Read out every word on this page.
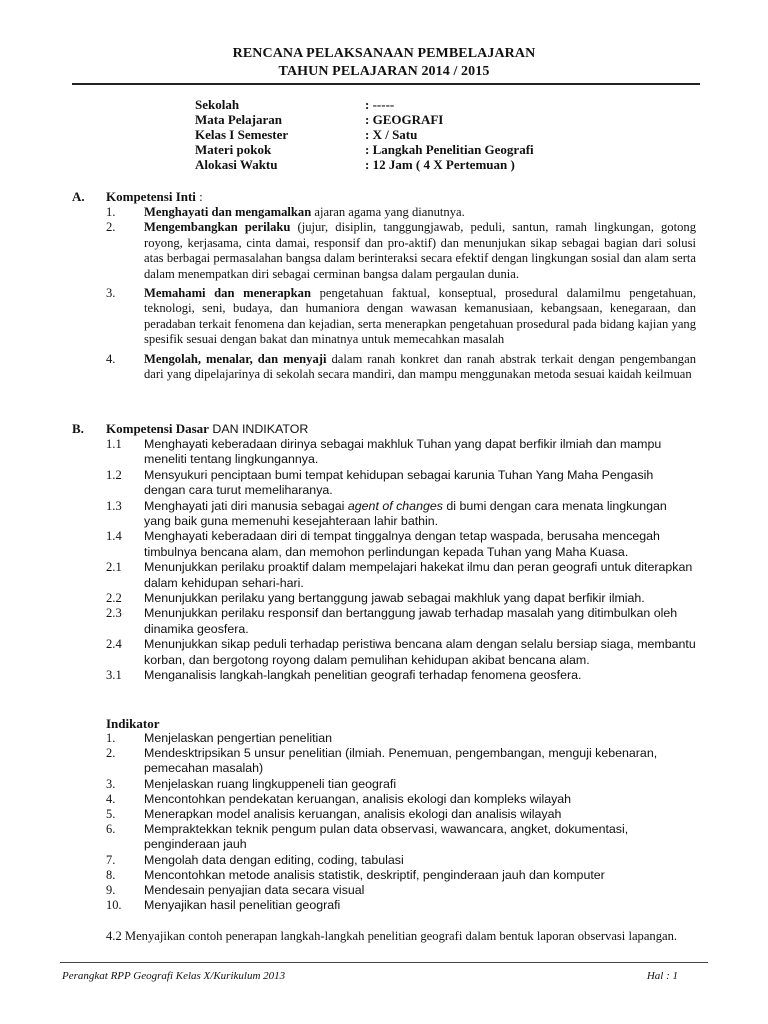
RENCANA PELAKSANAAN PEMBELAJARAN
TAHUN PELAJARAN 2014 / 2015
Sekolah	: -----
Mata Pelajaran	: GEOGRAFI
Kelas I Semester	: X / Satu
Materi pokok	: Langkah Penelitian Geografi
Alokasi Waktu	: 12 Jam ( 4 X Pertemuan )
A. Kompetensi Inti :
1.	Menghayati dan mengamalkan ajaran agama yang dianutnya.
2.	Mengembangkan perilaku (jujur, disiplin, tanggungjawab, peduli, santun, ramah lingkungan, gotong royong, kerjasama, cinta damai, responsif dan pro-aktif) dan menunjukan sikap sebagai bagian dari solusi atas berbagai permasalahan bangsa dalam berinteraksi secara efektif dengan lingkungan sosial dan alam serta dalam menempatkan diri sebagai cerminan bangsa dalam pergaulan dunia.
3.	Memahami dan menerapkan pengetahuan faktual, konseptual, prosedural dalamilmu pengetahuan, teknologi, seni, budaya, dan humaniora dengan wawasan kemanusiaan, kebangsaan, kenegaraan, dan peradaban terkait fenomena dan kejadian, serta menerapkan pengetahuan prosedural pada bidang kajian yang spesifik sesuai dengan bakat dan minatnya untuk memecahkan masalah
4.	Mengolah, menalar, dan menyaji dalam ranah konkret dan ranah abstrak terkait dengan pengembangan dari yang dipelajarinya di sekolah secara mandiri, dan mampu menggunakan metoda sesuai kaidah keilmuan
B. Kompetensi Dasar DAN INDIKATOR
1.1	Menghayati keberadaan dirinya sebagai makhluk Tuhan yang dapat berfikir ilmiah dan mampu meneliti tentang lingkungannya.
1.2	Mensyukuri penciptaan bumi tempat kehidupan sebagai karunia Tuhan Yang Maha Pengasih dengan cara turut memeliharanya.
1.3	Menghayati jati diri manusia sebagai agent of changes di bumi dengan cara menata lingkungan yang baik guna memenuhi kesejahteraan lahir bathin.
1.4	Menghayati keberadaan diri di tempat tinggalnya dengan tetap waspada, berusaha mencegah timbulnya bencana alam, dan memohon perlindungan kepada Tuhan yang Maha Kuasa.
2.1	Menunjukkan perilaku proaktif dalam mempelajari hakekat ilmu dan peran geografi untuk diterapkan dalam kehidupan sehari-hari.
2.2	Menunjukkan perilaku yang bertanggung jawab sebagai makhluk yang dapat berfikir ilmiah.
2.3	Menunjukkan perilaku responsif dan bertanggung jawab terhadap masalah yang ditimbulkan oleh dinamika geosfera.
2.4	Menunjukkan sikap peduli terhadap peristiwa bencana alam dengan selalu bersiap siaga, membantu korban, dan bergotong royong dalam pemulihan kehidupan akibat bencana alam.
3.1	Menganalisis langkah-langkah penelitian geografi terhadap fenomena geosfera.
Indikator
1.	Menjelaskan pengertian penelitian
2.	Mendesktripsikan 5 unsur penelitian (ilmiah. Penemuan, pengembangan, menguji kebenaran, pemecahan masalah)
3.	Menjelaskan ruang lingkuppeneli tian geografi
4.	Mencontohkan pendekatan keruangan, analisis ekologi dan kompleks wilayah
5.	Menerapkan model analisis keruangan, analisis ekologi dan analisis wilayah
6.	Mempraktekkan teknik pengum pulan data observasi, wawancara, angket, dokumentasi, penginderaan jauh
7.	Mengolah data dengan editing, coding, tabulasi
8.	Mencontohkan metode analisis statistik, deskriptif, penginderaan jauh dan komputer
9.	Mendesain penyajian data secara visual
10.	Menyajikan hasil penelitian geografi
4.2 Menyajikan contoh penerapan langkah-langkah penelitian geografi dalam bentuk laporan observasi lapangan.
Perangkat RPP Geografi Kelas X/Kurikulum 2013	Hal : 1
